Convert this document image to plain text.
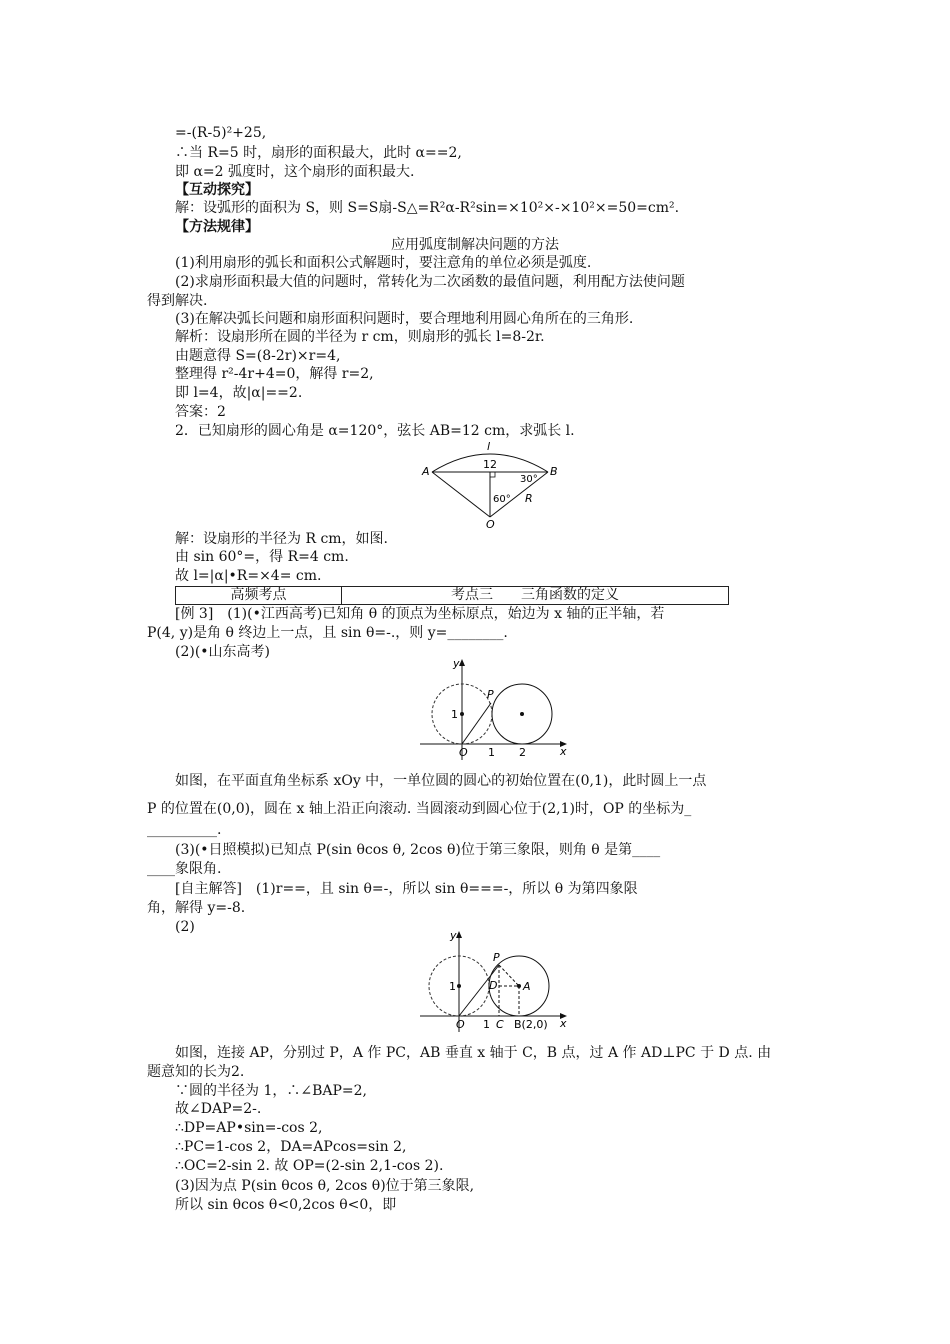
=-(R-5)²+25,
∴当 R=5 时，扇形的面积最大，此时 α==2,
即 α=2 弧度时，这个扇形的面积最大.
【互动探究】
解：设弧形的面积为 S，则 S=S扇-S△=R²α-R²sin=×10²×-×10²×=50=cm².
【方法规律】
应用弧度制解决问题的方法
(1)利用扇形的弧长和面积公式解题时，要注意角的单位必须是弧度.
(2)求扇形面积最大值的问题时，常转化为二次函数的最值问题，利用配方法使问题
得到解决.
(3)在解决弧长问题和扇形面积问题时，要合理地利用圆心角所在的三角形.
解析：设扇形所在圆的半径为 r cm，则扇形的弧长 l=8-2r.
由题意得 S=(8-2r)×r=4,
整理得 r²-4r+4=0，解得 r=2,
即 l=4，故|α|==2.
答案：2
2．已知扇形的圆心角是 α=120°，弦长 AB=12 cm，求弧长 l.
l
12
A	B
30°
60° R
O
解：设扇形的半径为 R cm，如图.
由 sin 60°=，得 R=4 cm.
故 l=|α|•R=×4= cm.
高频考点	考点三　　三角函数的定义
[例 3]　(1)(•江西高考)已知角 θ 的顶点为坐标原点，始边为 x 轴的正半轴，若
P(4, y)是角 θ 终边上一点，且 sin θ=-.，则 y=________.
(2)(•山东高考)
y
x
P
1
O 1 2
如图，在平面直角坐标系 xOy 中，一单位圆的圆心的初始位置在(0,1)，此时圆上一点
P 的位置在(0,0)，圆在 x 轴上沿正向滚动. 当圆滚动到圆心位于(2,1)时，OP 的坐标为_
__________.
(3)(•日照模拟)已知点 P(sin θcos θ, 2cos θ)位于第三象限，则角 θ 是第____
____象限角.
[自主解答]　(1)r==，且 sin θ=-，所以 sin θ===-，所以 θ 为第四象限
角，解得 y=-8.
(2)
y
x
P
D A
1
O 1 C B(2,0)
如图，连接 AP，分别过 P，A 作 PC，AB 垂直 x 轴于 C，B 点，过 A 作 AD⊥PC 于 D 点. 由
题意知的长为2.
∵圆的半径为 1，∴∠BAP=2,
故∠DAP=2-.
∴DP=AP•sin=-cos 2,
∴PC=1-cos 2，DA=APcos=sin 2,
∴OC=2-sin 2. 故 OP=(2-sin 2,1-cos 2).
(3)因为点 P(sin θcos θ, 2cos θ)位于第三象限,
所以 sin θcos θ<0,2cos θ<0，即
